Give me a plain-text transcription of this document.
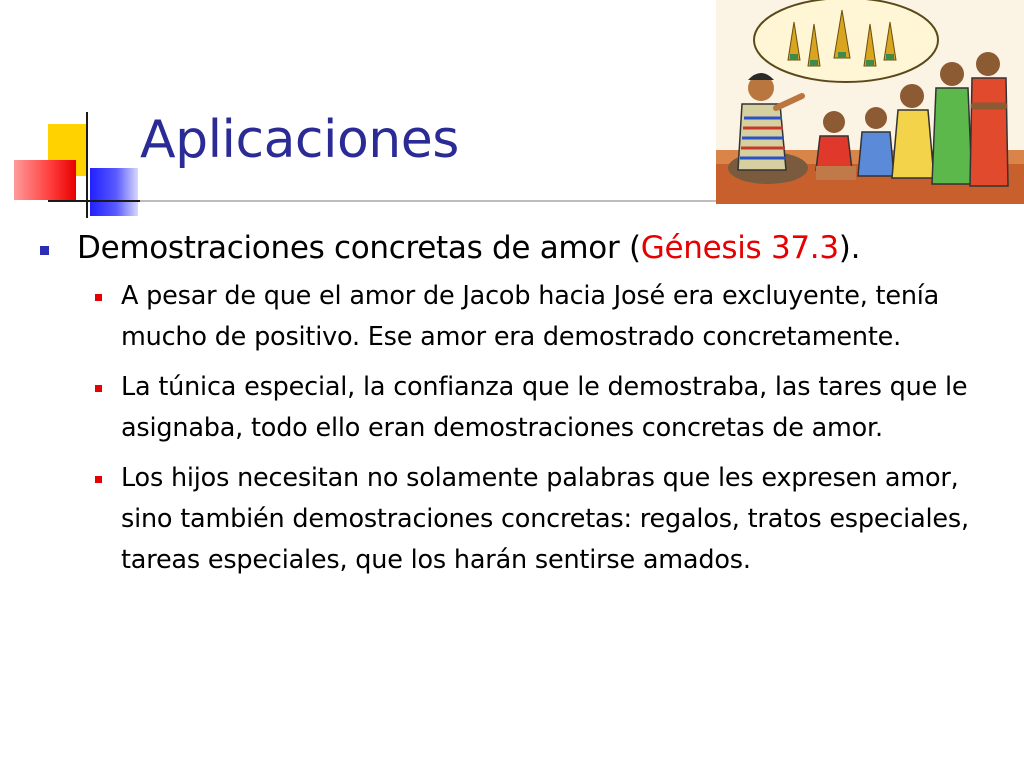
Aplicaciones
Demostraciones concretas de amor (Génesis 37.3).
A pesar de que el amor de Jacob hacia José era excluyente, tenía mucho de positivo. Ese amor era demostrado concretamente.
La túnica especial, la confianza que le demostraba, las tares que le asignaba, todo ello eran demostraciones concretas de amor.
Los hijos necesitan no solamente palabras que les expresen amor, sino también demostraciones concretas: regalos, tratos especiales, tareas especiales, que los harán sentirse amados.
